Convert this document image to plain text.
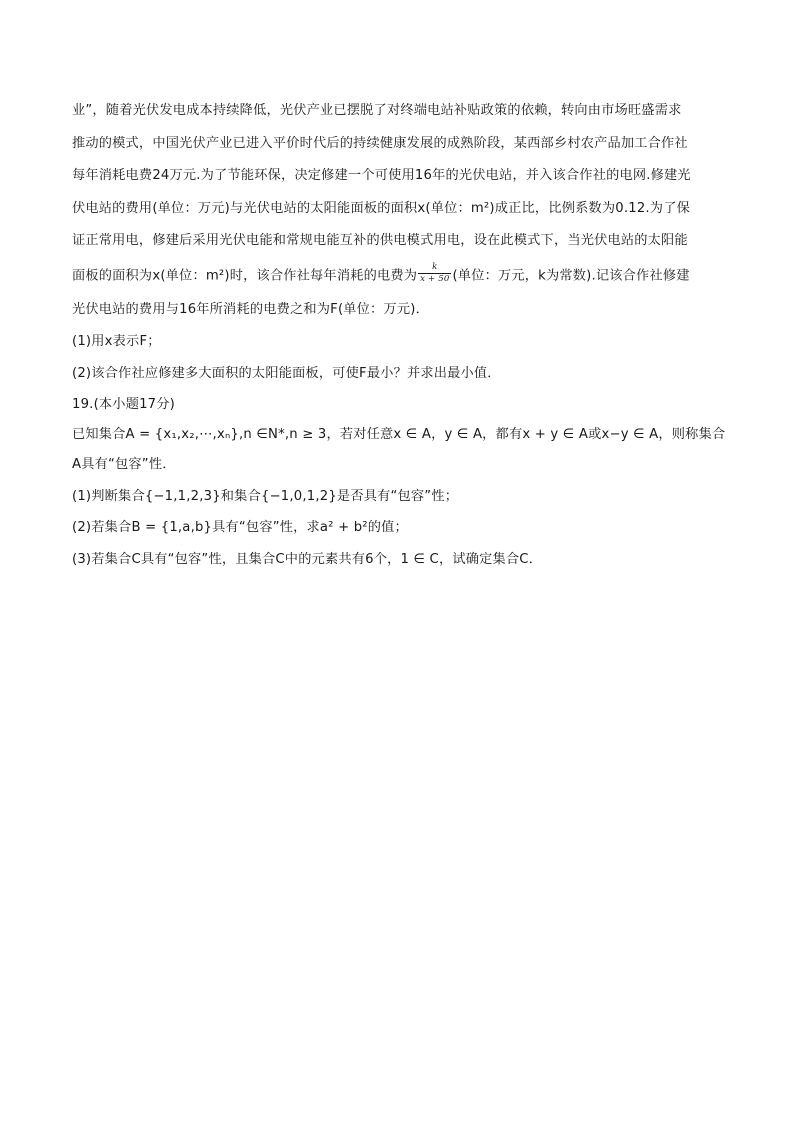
业”，随着光伏发电成本持续降低，光伏产业已摆脱了对终端电站补贴政策的依赖，转向由市场旺盛需求
推动的模式，中国光伏产业已进入平价时代后的持续健康发展的成熟阶段，某西部乡村农产品加工合作社
每年消耗电费24万元.为了节能环保，决定修建一个可使用16年的光伏电站，并入该合作社的电网.修建光
伏电站的费用(单位：万元)与光伏电站的太阳能面板的面积x(单位：m²)成正比，比例系数为0.12.为了保
证正常用电，修建后采用光伏电能和常规电能互补的供电模式用电，设在此模式下，当光伏电站的太阳能
面板的面积为x(单位：m²)时，该合作社每年消耗的电费为 $\frac{k}{x + 50}$ (单位：万元，k为常数).记该合作社修建
光伏电站的费用与16年所消耗的电费之和为F(单位：万元)．
(1)用x表示F；
(2)该合作社应修建多大面积的太阳能面板，可使F最小？并求出最小值．
19.(本小题17分)
已知集合A = {x₁,x₂,⋯,xₙ},n ∈N*,n ≥ 3，若对任意x ∈ A，y ∈ A，都有x + y ∈ A或x−y ∈ A，则称集合
A具有“包容”性．
(1)判断集合{−1,1,2,3}和集合{−1,0,1,2}是否具有“包容”性；
(2)若集合B = {1,a,b}具有“包容”性，求a² + b²的值；
(3)若集合C具有“包容”性，且集合C中的元素共有6个，1 ∈ C，试确定集合C．
